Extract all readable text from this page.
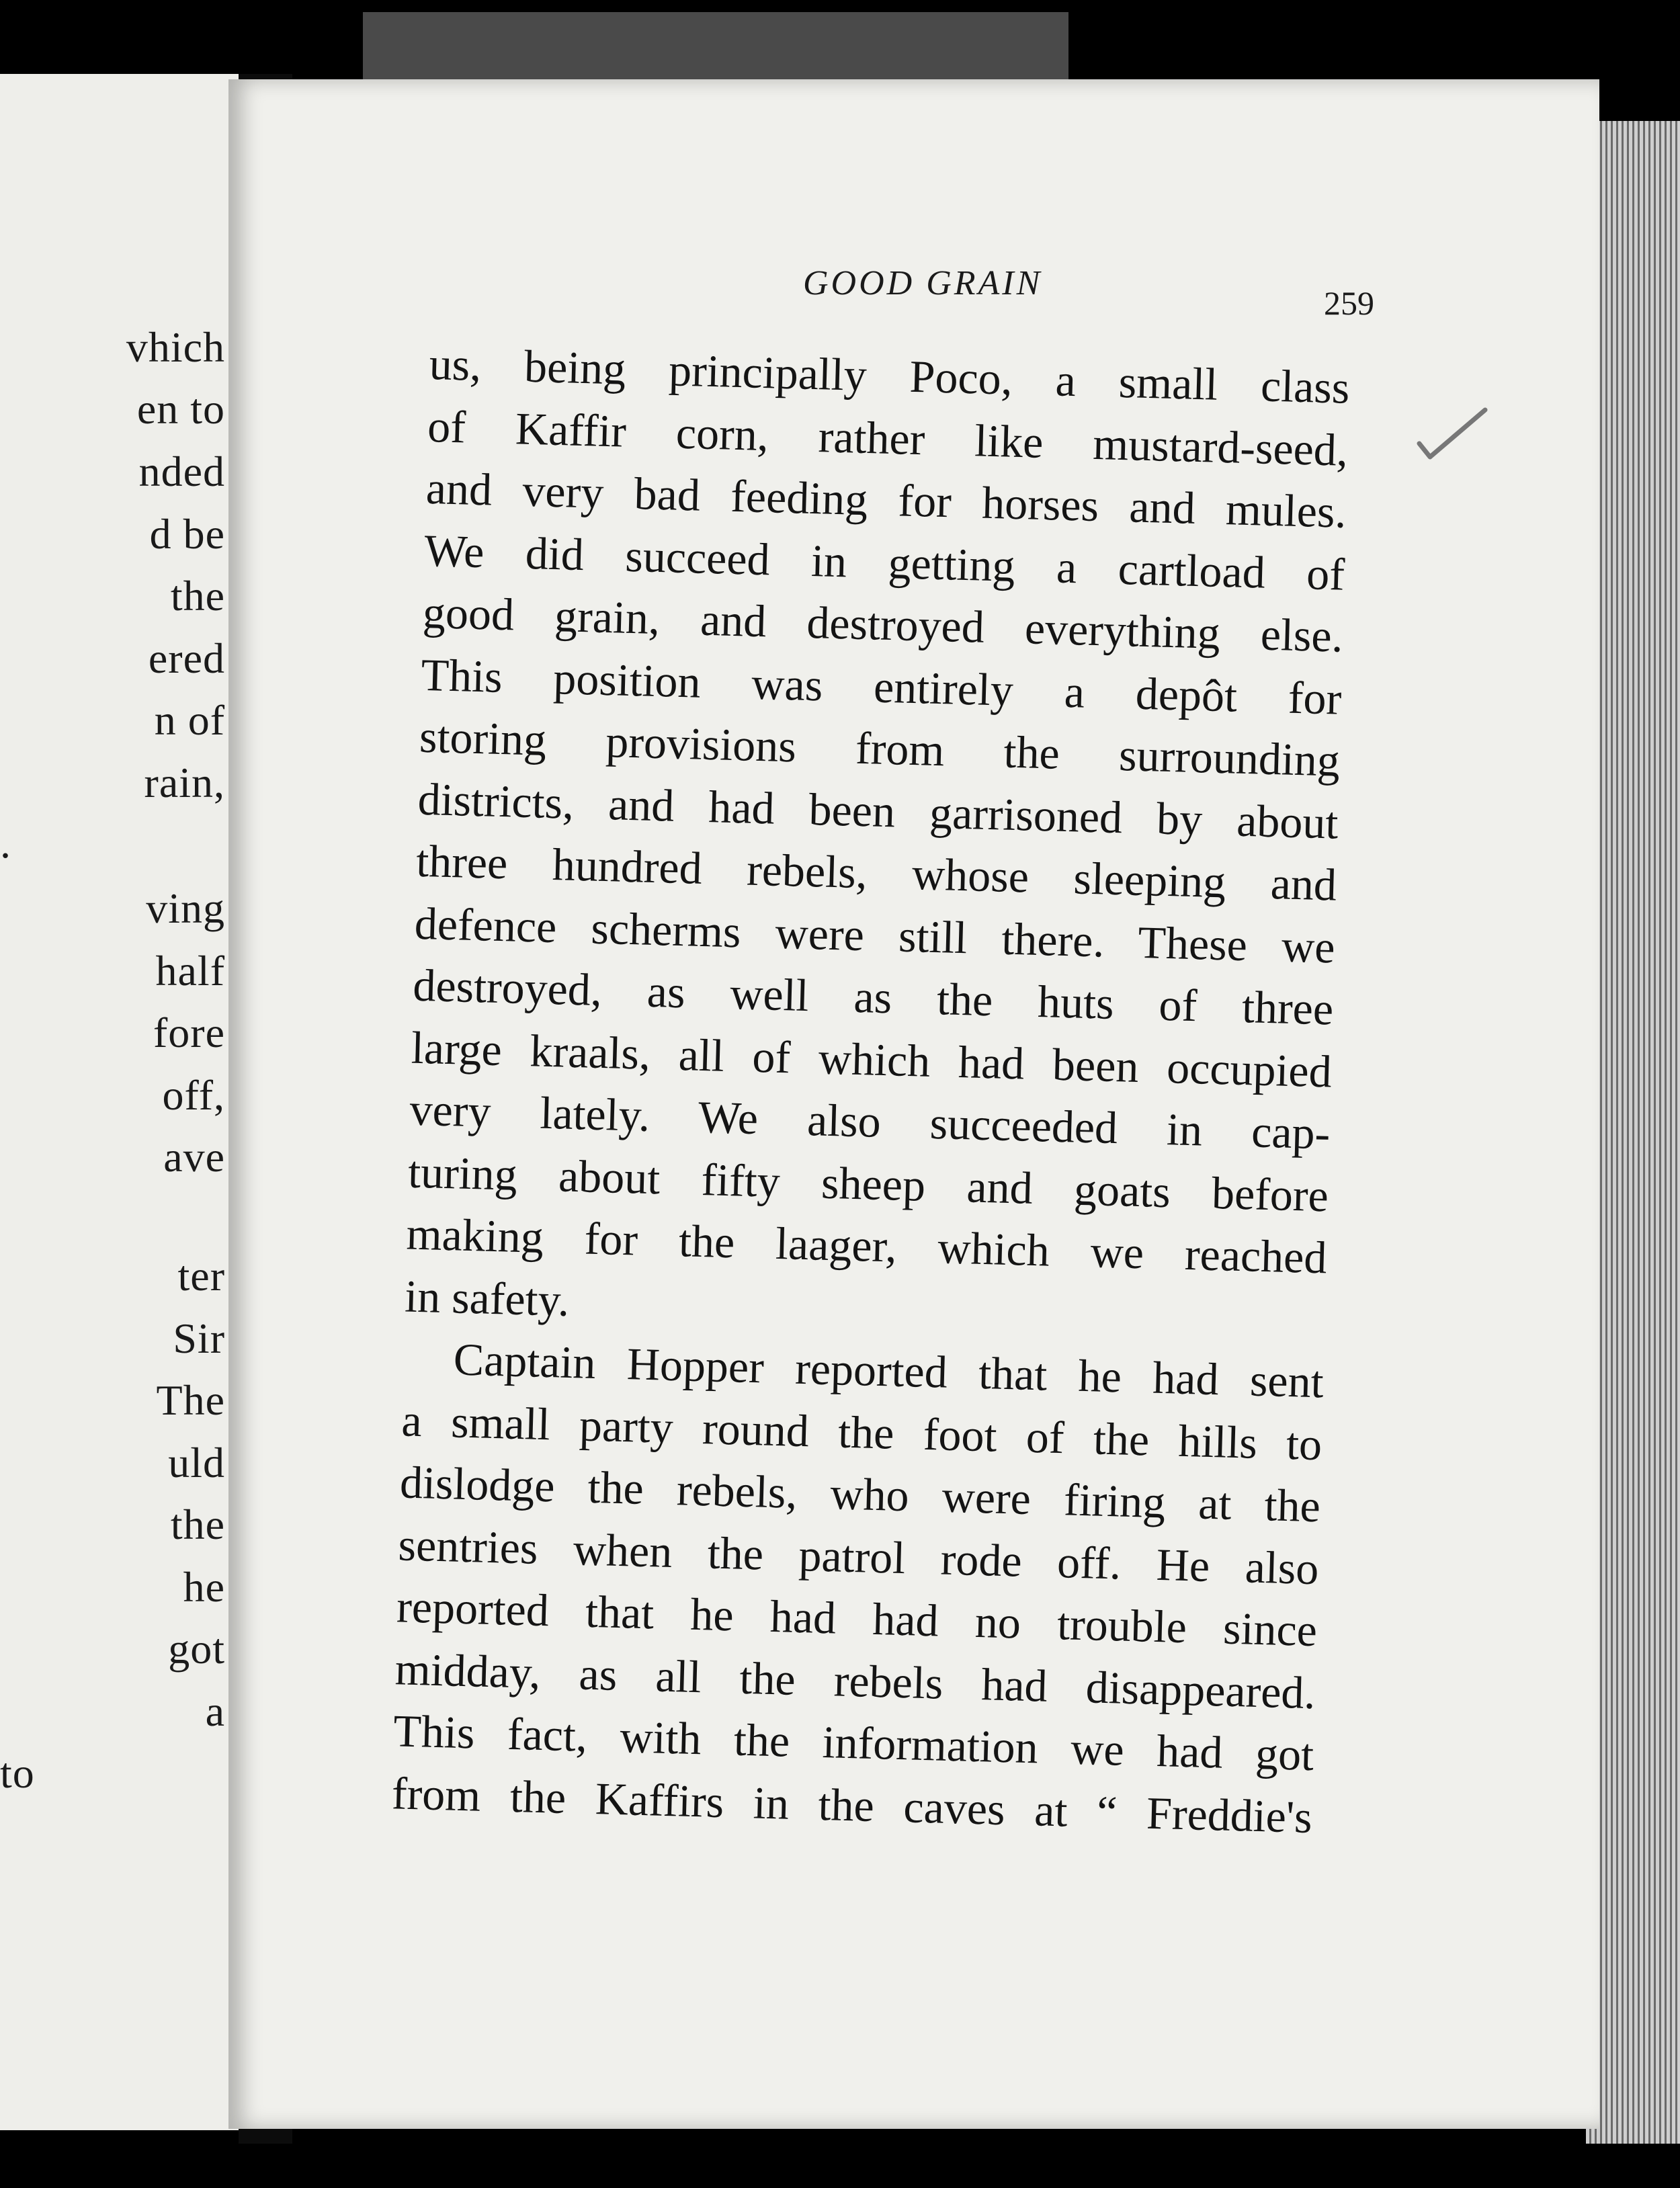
vhich
en to
nded
d be
the
ered
n of
rain,
.
ving
half
fore
off,
ave
ter
Sir
The
uld
the
he
got
a
to
GOOD GRAIN
259
us, being principally Poco, a small class
of Kaffir corn, rather like mustard-seed,
and very bad feeding for horses and mules.
We did succeed in getting a cartload of
good grain, and destroyed everything else.
This position was entirely a depôt for
storing provisions from the surrounding
districts, and had been garrisoned by about
three hundred rebels, whose sleeping and
defence scherms were still there. These we
destroyed, as well as the huts of three
large kraals, all of which had been occupied
very lately. We also succeeded in cap-
turing about fifty sheep and goats before
making for the laager, which we reached
in safety.
Captain Hopper reported that he had sent
a small party round the foot of the hills to
dislodge the rebels, who were firing at the
sentries when the patrol rode off. He also
reported that he had had no trouble since
midday, as all the rebels had disappeared.
This fact, with the information we had got
from the Kaffirs in the caves at “ Freddie's
